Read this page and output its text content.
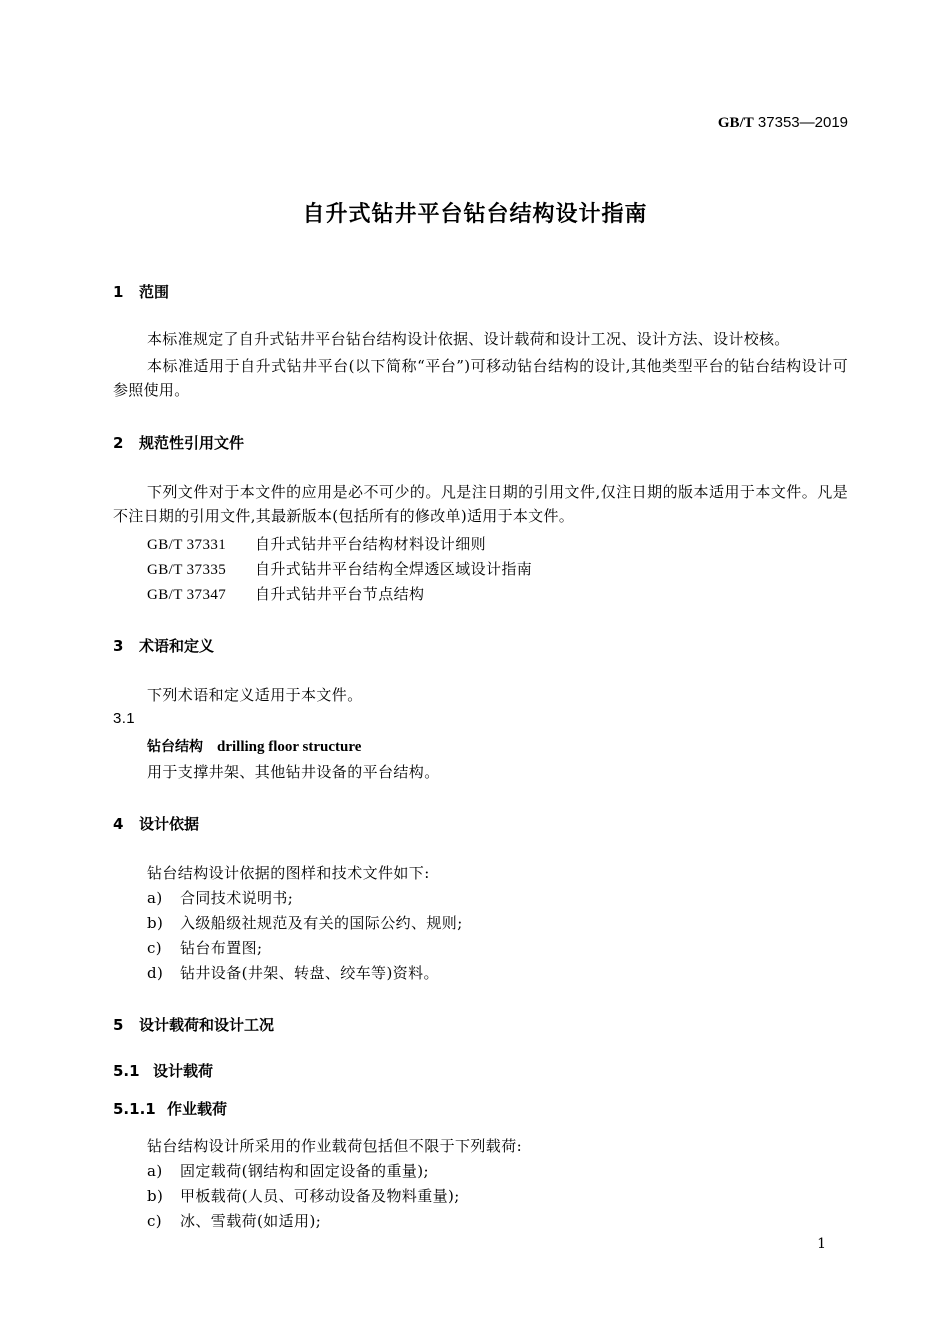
GB/T 37353—2019
自升式钻井平台钻台结构设计指南
1 范围
本标准规定了自升式钻井平台钻台结构设计依据、设计载荷和设计工况、设计方法、设计校核。
本标准适用于自升式钻井平台(以下简称“平台”)可移动钻台结构的设计,其他类型平台的钻台结构设计可参照使用。
2 规范性引用文件
下列文件对于本文件的应用是必不可少的。凡是注日期的引用文件,仅注日期的版本适用于本文件。凡是不注日期的引用文件,其最新版本(包括所有的修改单)适用于本文件。
GB/T 37331 自升式钻井平台结构材料设计细则
GB/T 37335 自升式钻井平台结构全焊透区域设计指南
GB/T 37347 自升式钻井平台节点结构
3 术语和定义
下列术语和定义适用于本文件。
3.1
钻台结构 drilling floor structure
用于支撑井架、其他钻井设备的平台结构。
4 设计依据
钻台结构设计依据的图样和技术文件如下:
a) 合同技术说明书;
b) 入级船级社规范及有关的国际公约、规则;
c) 钻台布置图;
d) 钻井设备(井架、转盘、绞车等)资料。
5 设计载荷和设计工况
5.1 设计载荷
5.1.1 作业载荷
钻台结构设计所采用的作业载荷包括但不限于下列载荷:
a) 固定载荷(钢结构和固定设备的重量);
b) 甲板载荷(人员、可移动设备及物料重量);
c) 冰、雪载荷(如适用);
1
